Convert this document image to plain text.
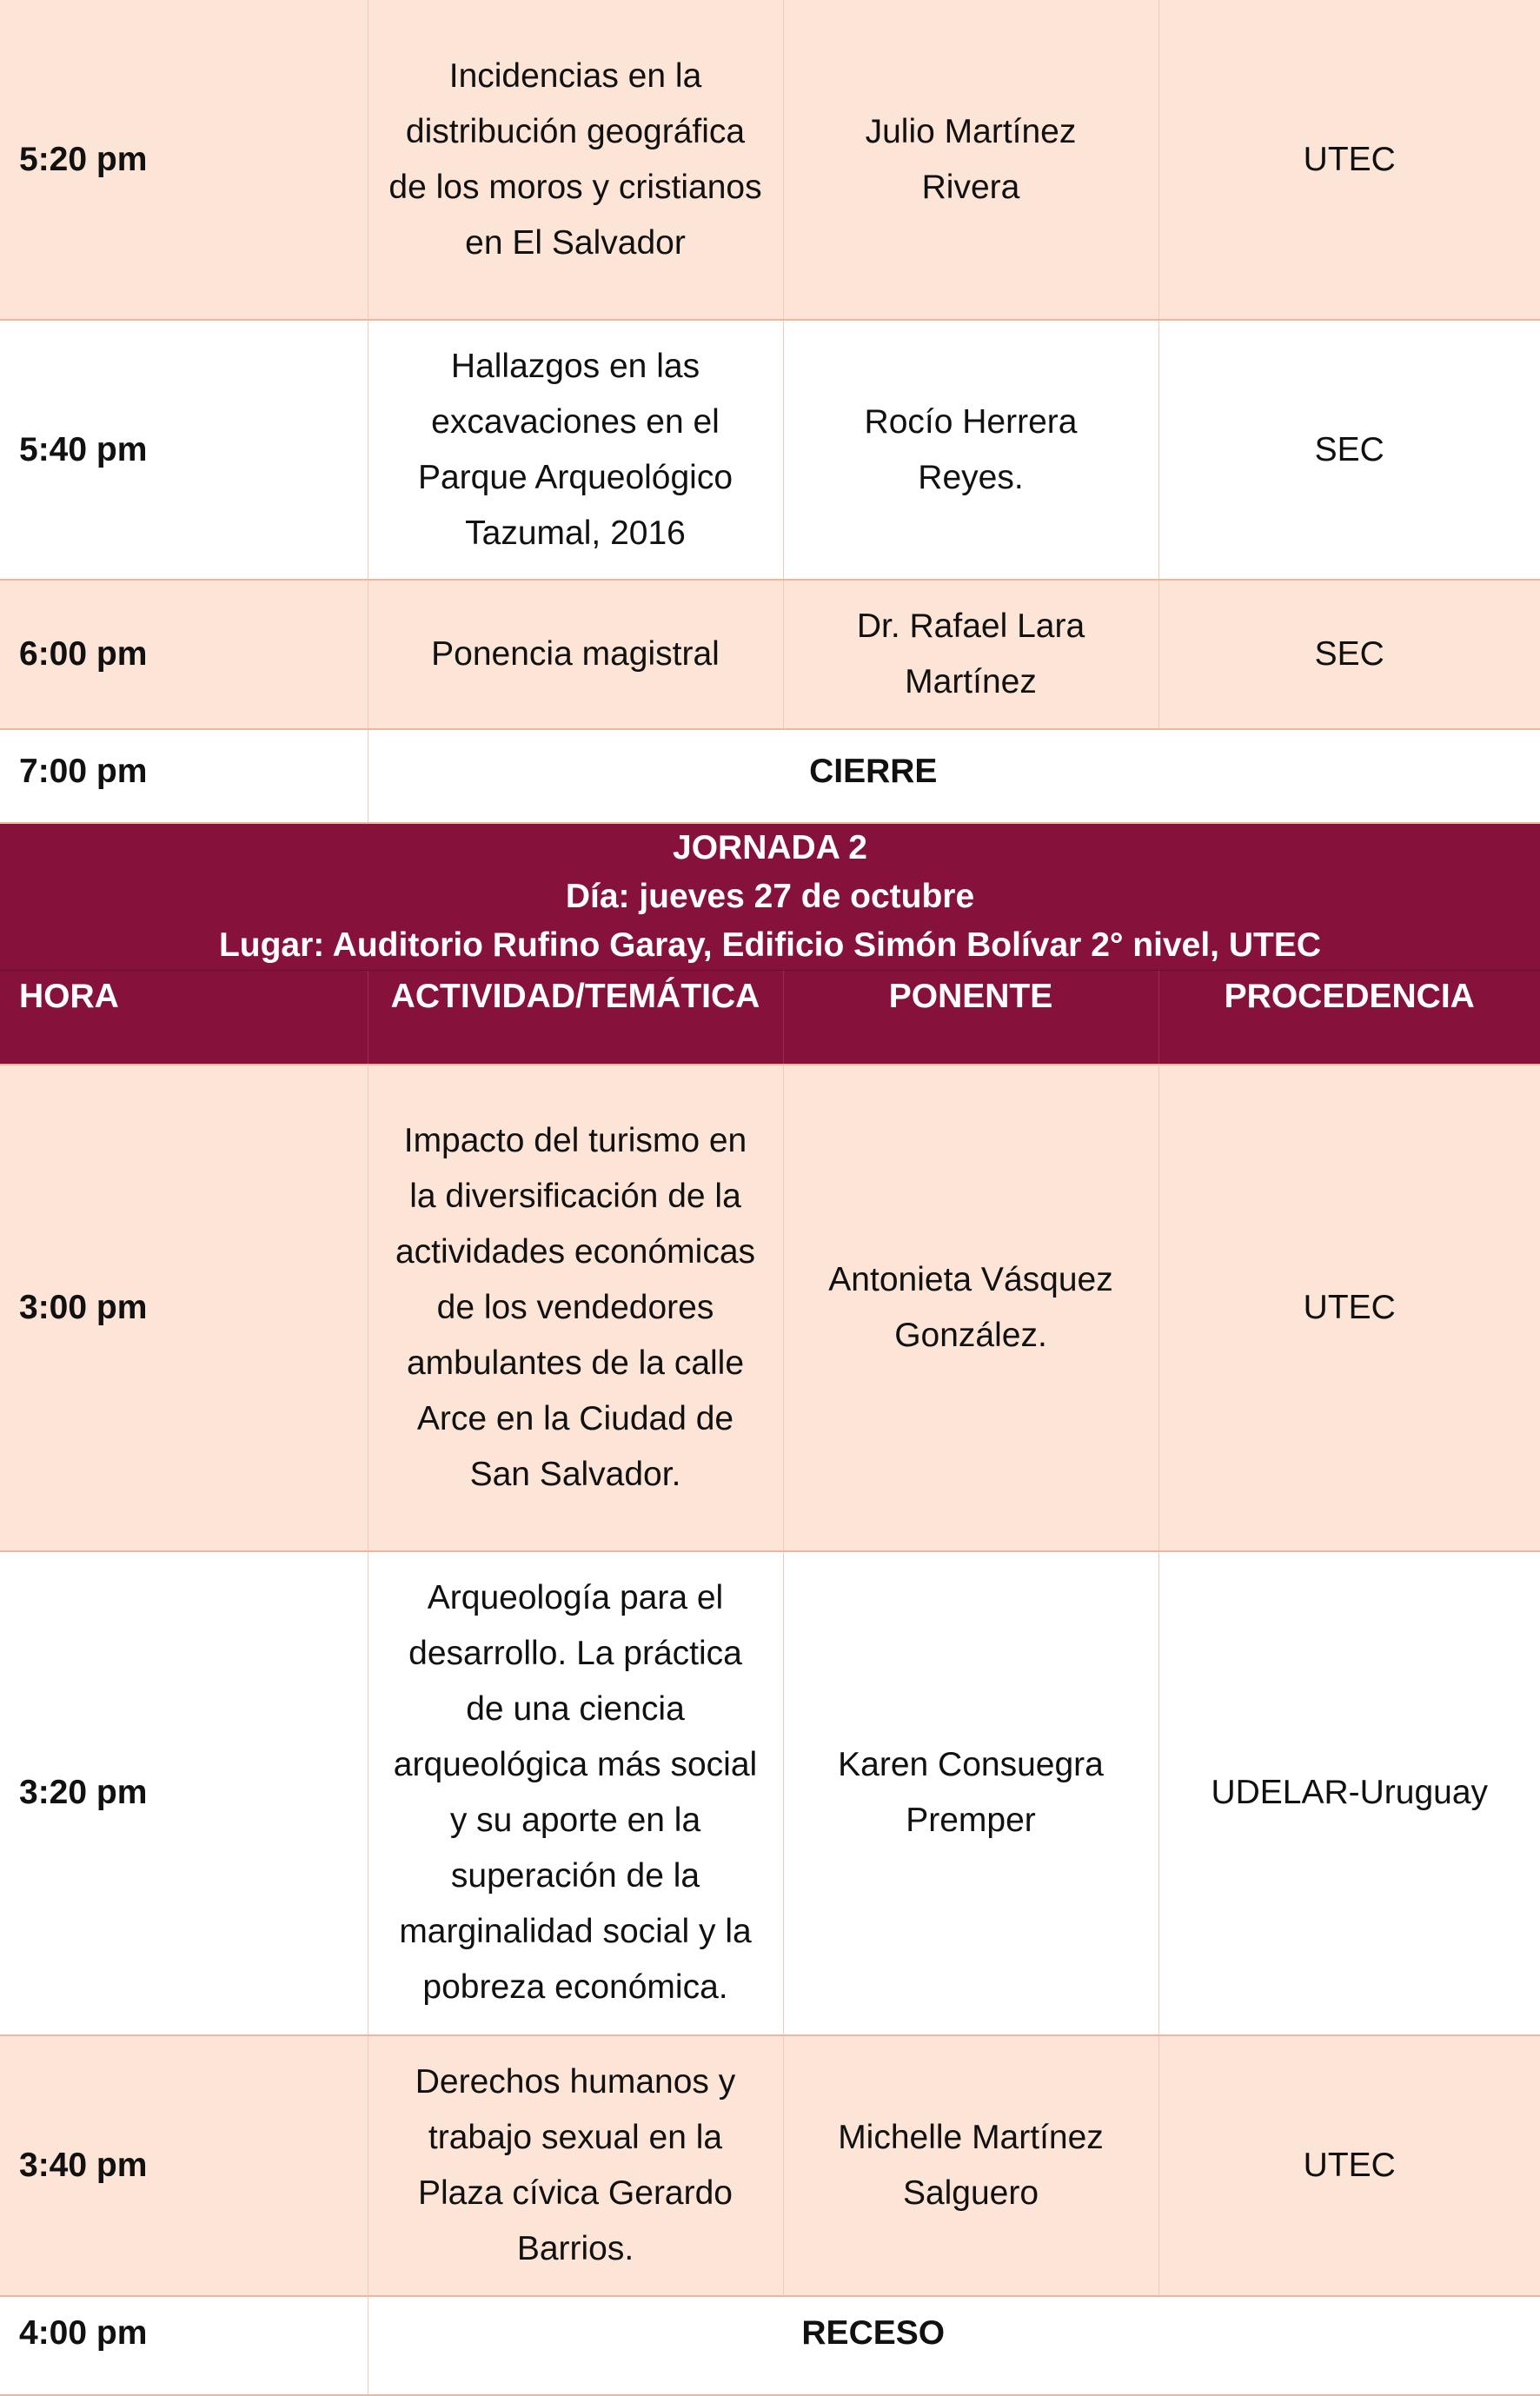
5:20 pm	Incidencias en la distribución geográfica de los moros y cristianos en El Salvador	Julio Martínez Rivera	UTEC
5:40 pm	Hallazgos en las excavaciones en el Parque Arqueológico Tazumal, 2016	Rocío Herrera Reyes.	SEC
6:00 pm	Ponencia magistral	Dr. Rafael Lara Martínez	SEC
7:00 pm	CIERRE		

JORNADA 2
Día: jueves 27 de octubre
Lugar: Auditorio Rufino Garay, Edificio Simón Bolívar 2° nivel, UTEC			

HORA	ACTIVIDAD/TEMÁTICA	PONENTE	PROCEDENCIA
3:00 pm	Impacto del turismo en la diversificación de la actividades económicas de los vendedores ambulantes de la calle Arce en la Ciudad de San Salvador.	Antonieta Vásquez González.	UTEC
3:20 pm	Arqueología para el desarrollo. La práctica de una ciencia arqueológica más social y su aporte en la superación de la marginalidad social y la pobreza económica.	Karen Consuegra Premper	UDELAR-Uruguay
3:40 pm	Derechos humanos y trabajo sexual en la Plaza cívica Gerardo Barrios.	Michelle Martínez Salguero	UTEC
4:00 pm	RECESO		
